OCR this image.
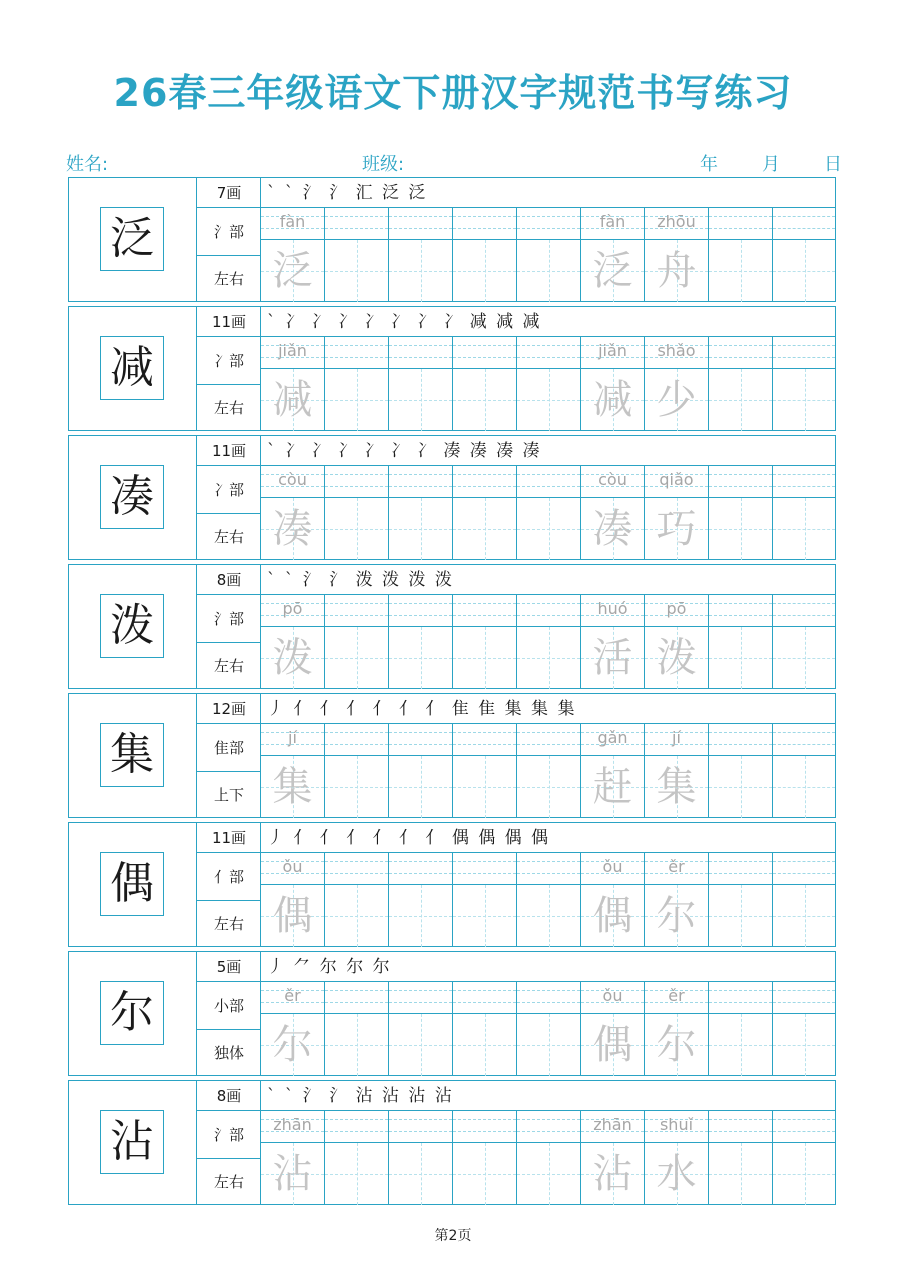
26春三年级语文下册汉字规范书写练习
姓名:	班级:	年 月 日
泛
7画
氵部
左右
` ` ⺡ 氵 汇 泛 泛
fàn
泛
fàn
泛
zhōu
舟
减
11画
冫部
左右
` 冫 冫 冫 冫 冫 冫 冫 减 减 减
jiǎn
减
jiǎn
减
shǎo
少
凑
11画
冫部
左右
` 冫 冫 冫 冫 冫 冫 凑 凑 凑 凑
còu
凑
còu
凑
qiǎo
巧
泼
8画
氵部
左右
` ` 氵 氵 泼 泼 泼 泼
pō
泼
huó
活
pō
泼
集
12画
隹部
上下
丿 亻 亻 亻 亻 亻 亻 隹 隹 集 集 集
jí
集
gǎn
赶
jí
集
偶
11画
亻部
左右
丿 亻 亻 亻 亻 亻 亻 偶 偶 偶 偶
ǒu
偶
ǒu
偶
ěr
尔
尔
5画
小部
独体
丿 ⺈ 尔 尔 尔
ěr
尔
ǒu
偶
ěr
尔
沾
8画
氵部
左右
` ` 氵 氵 沾 沾 沾 沾
zhān
沾
zhān
沾
shuǐ
水
第2页
